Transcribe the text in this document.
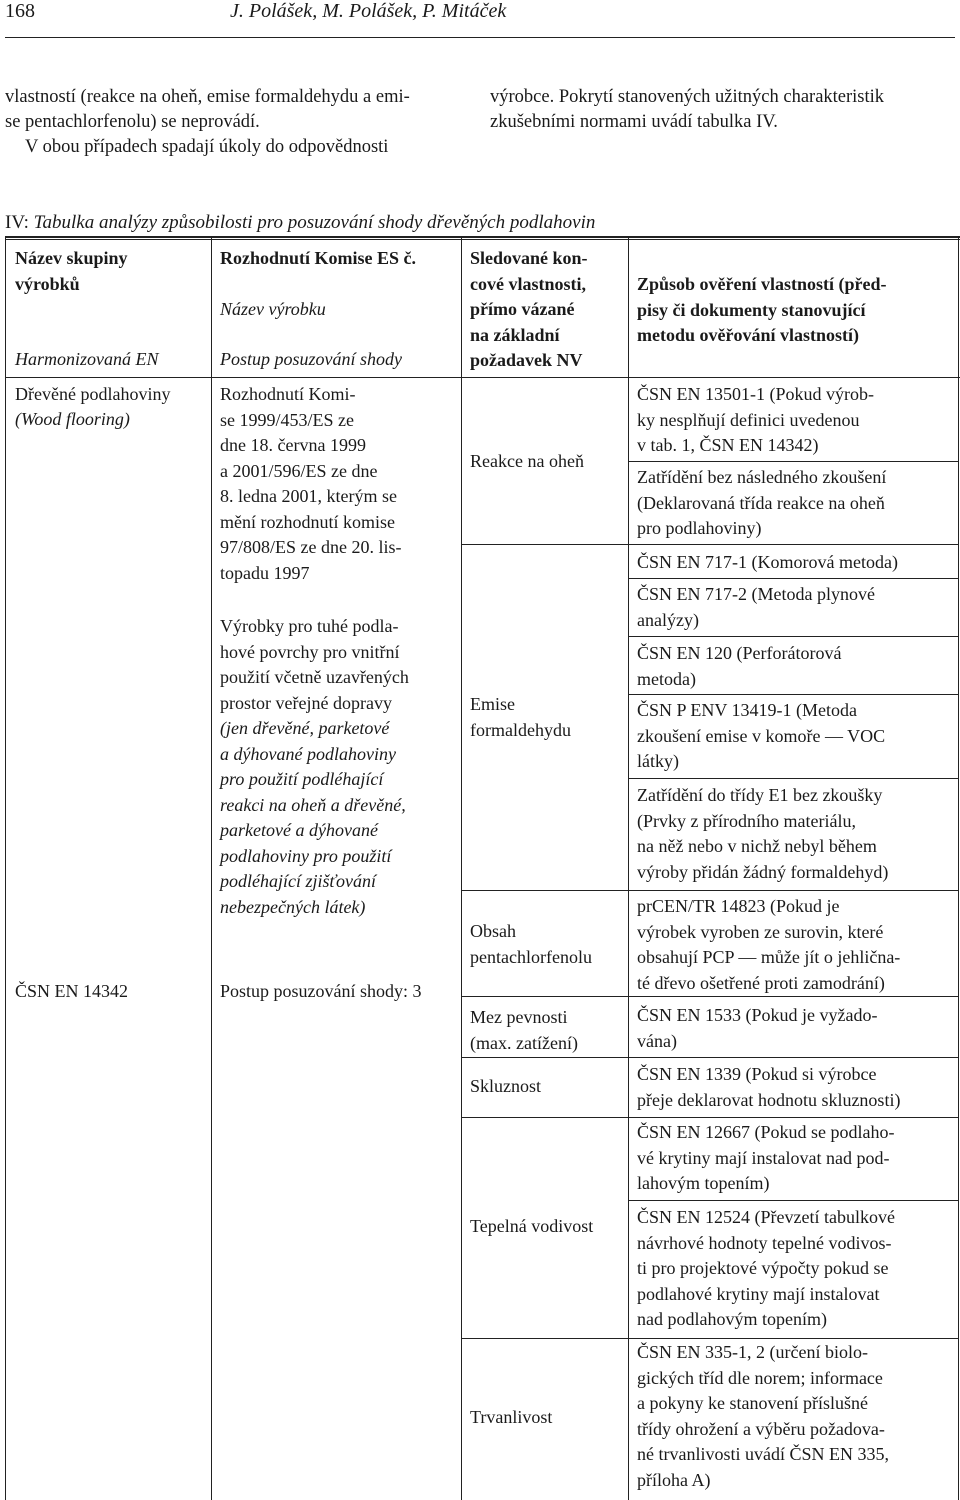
168	J. Polášek, M. Polášek, P. Mitáček
vlastností (reakce na oheň, emise formaldehydu a emi-
se pentachlorfenolu) se neprovádí.
V obou případech spadají úkoly do odpovědnosti
výrobce. Pokrytí stanovených užitných charakteristik
zkušebními normami uvádí tabulka IV.
IV: Tabulka analýzy způsobilosti pro posuzování shody dřevěných podlahovin
Název skupiny
výrobků
Harmonizovaná EN
Rozhodnutí Komise ES č.
Název výrobku
Postup posuzování shody
Sledované kon-
cové vlastnosti,
přímo vázané
na základní
požadavek NV
Způsob ověření vlastností (před-
pisy či dokumenty stanovující
metodu ověřování vlastností)
Dřevěné podlahoviny
(Wood flooring)
ČSN EN 14342
Rozhodnutí Komi-
se 1999/453/ES ze
dne 18. června 1999
a 2001/596/ES ze dne
8. ledna 2001, kterým se
mění rozhodnutí komise
97/808/ES ze dne 20. lis-
topadu 1997
Výrobky pro tuhé podla-
hové povrchy pro vnitřní
použití včetně uzavřených
prostor veřejné dopravy
(jen dřevěné, parketové
a dýhované podlahoviny
pro použití podléhající
reakci na oheň a dřevěné,
parketové a dýhované
podlahoviny pro použití
podléhající zjišťování
nebezpečných látek)
Postup posuzování shody: 3
Reakce na oheň
Emise
formaldehydu
Obsah
pentachlorfenolu
Mez pevnosti
(max. zatížení)
Skluznost
Tepelná vodivost
Trvanlivost
ČSN EN 13501-1 (Pokud výrob-
ky nesplňují definici uvedenou
v tab. 1, ČSN EN 14342)
Zatřídění bez následného zkoušení
(Deklarovaná třída reakce na oheň
pro podlahoviny)
ČSN EN 717-1 (Komorová metoda)
ČSN EN 717-2 (Metoda plynové
analýzy)
ČSN EN 120 (Perforátorová
metoda)
ČSN P ENV 13419-1 (Metoda
zkoušení emise v komoře — VOC
látky)
Zatřídění do třídy E1 bez zkoušky
(Prvky z přírodního materiálu,
na něž nebo v nichž nebyl během
výroby přidán žádný formaldehyd)
prCEN/TR 14823 (Pokud je
výrobek vyroben ze surovin, které
obsahují PCP — může jít o jehlična-
té dřevo ošetřené proti zamodrání)
ČSN EN 1533 (Pokud je vyžado-
vána)
ČSN EN 1339 (Pokud si výrobce
přeje deklarovat hodnotu skluznosti)
ČSN EN 12667 (Pokud se podlaho-
vé krytiny mají instalovat nad pod-
lahovým topením)
ČSN EN 12524 (Převzetí tabulkové
návrhové hodnoty tepelné vodivos-
ti pro projektové výpočty pokud se
podlahové krytiny mají instalovat
nad podlahovým topením)
ČSN EN 335-1, 2 (určení biolo-
gických tříd dle norem; informace
a pokyny ke stanovení příslušné
třídy ohrožení a výběru požadova-
né trvanlivosti uvádí ČSN EN 335,
příloha A)
